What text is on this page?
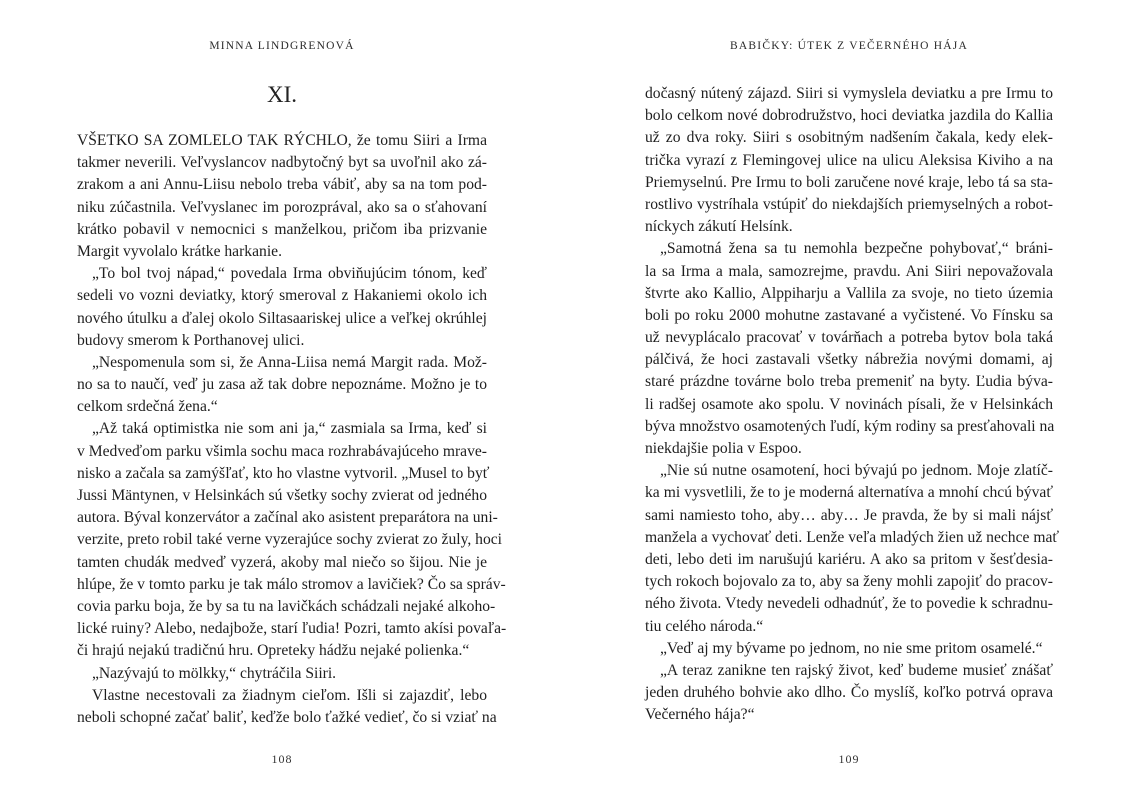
MINNA LINDGRENOVÁ
XI.
VŠETKO SA ZOMLELO TAK RÝCHLO, že tomu Siiri a Irma
takmer neverili. Veľvyslancov nadbytočný byt sa uvoľnil ako zá-
zrakom a ani Annu-Liisu nebolo treba vábiť, aby sa na tom pod-
niku zúčastnila. Veľvyslanec im porozprával, ako sa o sťahovaní
krátko pobavil v nemocnici s manželkou, pričom iba prizvanie
Margit vyvolalo krátke harkanie.
„To bol tvoj nápad,“ povedala Irma obviňujúcim tónom, keď
sedeli vo vozni deviatky, ktorý smeroval z Hakaniemi okolo ich
nového útulku a ďalej okolo Siltasaariskej ulice a veľkej okrúhlej
budovy smerom k Porthanovej ulici.
„Nespomenula som si, že Anna-Liisa nemá Margit rada. Mož-
no sa to naučí, veď ju zasa až tak dobre nepoznáme. Možno je to
celkom srdečná žena.“
„Až taká optimistka nie som ani ja,“ zasmiala sa Irma, keď si
v Medveďom parku všimla sochu maca rozhrabávajúceho mrave-
nisko a začala sa zamýšľať, kto ho vlastne vytvoril. „Musel to byť
Jussi Mäntynen, v Helsinkách sú všetky sochy zvierat od jedného
autora. Býval konzervátor a začínal ako asistent preparátora na uni-
verzite, preto robil také verne vyzerajúce sochy zvierat zo žuly, hoci
tamten chudák medveď vyzerá, akoby mal niečo so šijou. Nie je
hlúpe, že v tomto parku je tak málo stromov a lavičiek? Čo sa správ-
covia parku boja, že by sa tu na lavičkách schádzali nejaké alkoho-
lické ruiny? Alebo, nedajbože, starí ľudia! Pozri, tamto akísi povaľa-
či hrajú nejakú tradičnú hru. Opreteky hádžu nejaké polienka.“
„Nazývajú to mölkky,“ chytráčila Siiri.
Vlastne necestovali za žiadnym cieľom. Išli si zajazdiť, lebo
neboli schopné začať baliť, keďže bolo ťažké vedieť, čo si vziať na
108
BABIČKY: ÚTEK Z VEČERNÉHO HÁJA
dočasný nútený zájazd. Siiri si vymyslela deviatku a pre Irmu to
bolo celkom nové dobrodružstvo, hoci deviatka jazdila do Kallia
už zo dva roky. Siiri s osobitným nadšením čakala, kedy elek-
trička vyrazí z Flemingovej ulice na ulicu Aleksisa Kiviho a na
Priemyselnú. Pre Irmu to boli zaručene nové kraje, lebo tá sa sta-
rostlivo vystríhala vstúpiť do niekdajších priemyselných a robot-
níckych zákutí Helsínk.
„Samotná žena sa tu nemohla bezpečne pohybovať,“ bráni-
la sa Irma a mala, samozrejme, pravdu. Ani Siiri nepovažovala
štvrte ako Kallio, Alppiharju a Vallila za svoje, no tieto územia
boli po roku 2000 mohutne zastavané a vyčistené. Vo Fínsku sa
už nevyplácalo pracovať v továrňach a potreba bytov bola taká
pálčivá, že hoci zastavali všetky nábrežia novými domami, aj
staré prázdne továrne bolo treba premeniť na byty. Ľudia býva-
li radšej osamote ako spolu. V novinách písali, že v Helsinkách
býva množstvo osamotených ľudí, kým rodiny sa presťahovali na
niekdajšie polia v Espoo.
„Nie sú nutne osamotení, hoci bývajú po jednom. Moje zlatíč-
ka mi vysvetlili, že to je moderná alternatíva a mnohí chcú bývať
sami namiesto toho, aby… aby… Je pravda, že by si mali nájsť
manžela a vychovať deti. Lenže veľa mladých žien už nechce mať
deti, lebo deti im narušujú kariéru. A ako sa pritom v šesťdesia-
tych rokoch bojovalo za to, aby sa ženy mohli zapojiť do pracov-
ného života. Vtedy nevedeli odhadnúť, že to povedie k schradnu-
tiu celého národa.“
„Veď aj my bývame po jednom, no nie sme pritom osamelé.“
„A teraz zanikne ten rajský život, keď budeme musieť znášať
jeden druhého bohvie ako dlho. Čo myslíš, koľko potrvá oprava
Večerného hája?“
109
